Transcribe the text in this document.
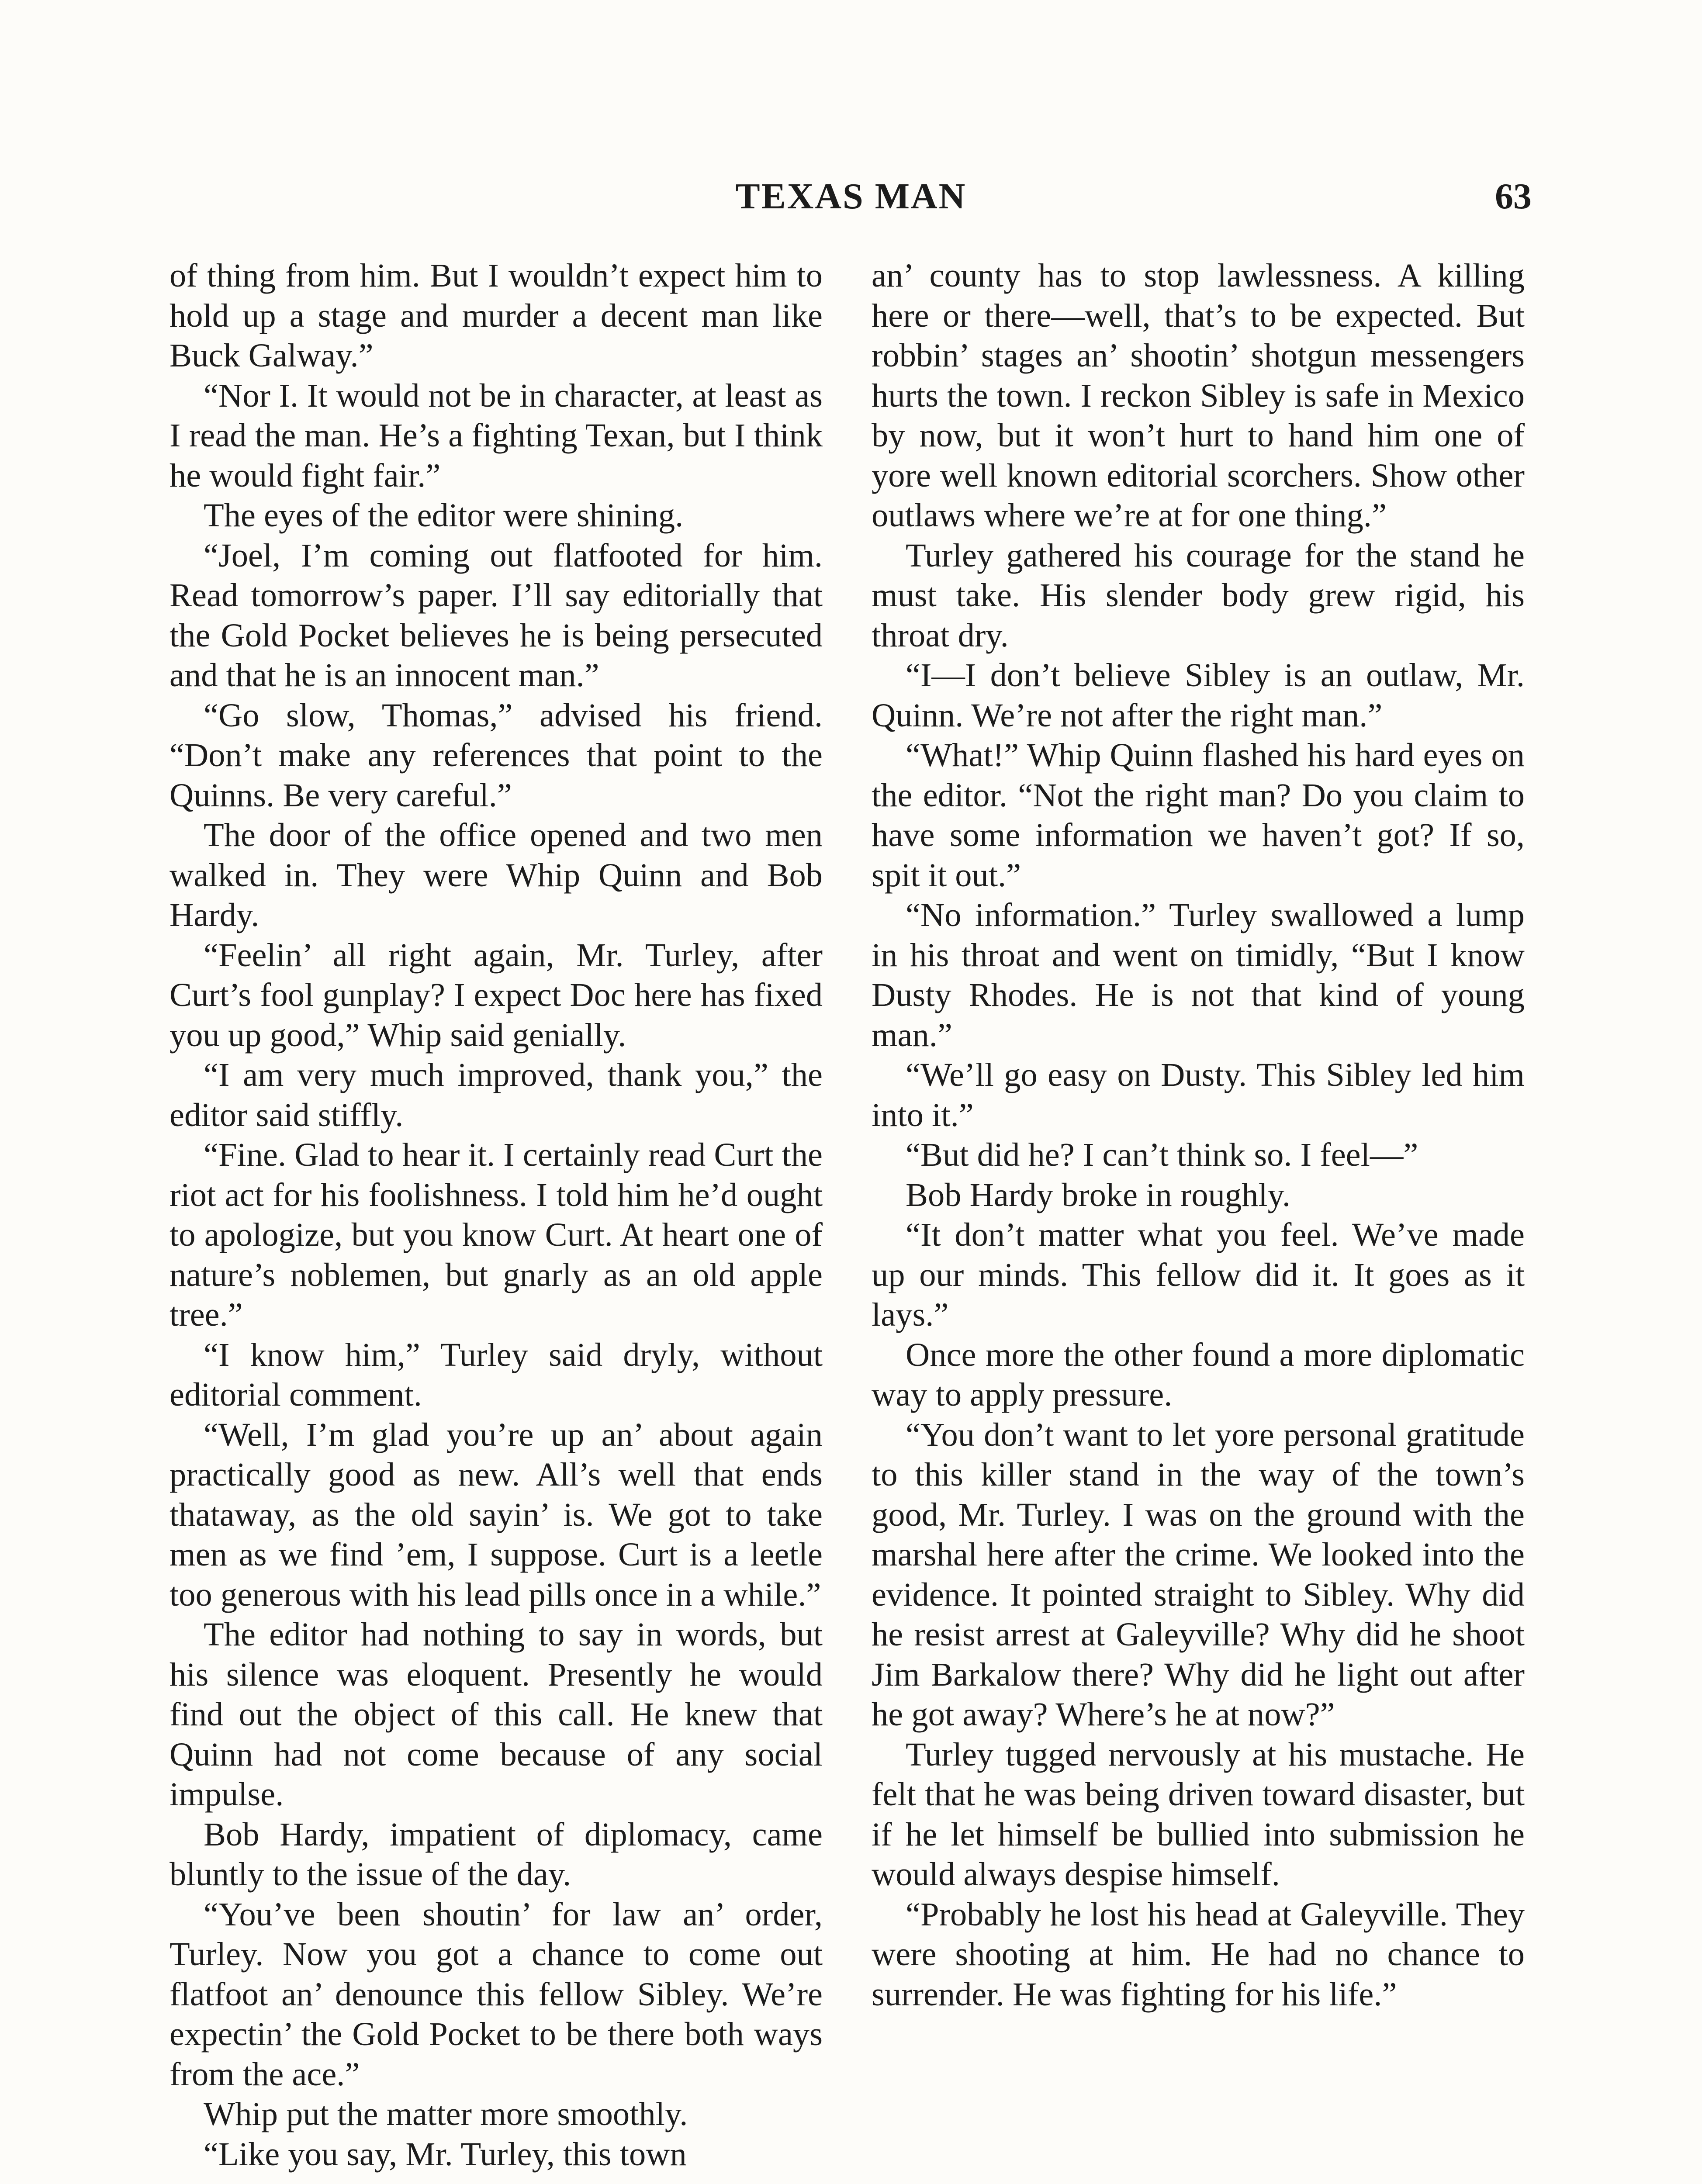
TEXAS MAN	63

of thing from him. But I wouldn’t expect him to hold up a stage and murder a decent man like Buck Galway.”

“Nor I. It would not be in character, at least as I read the man. He’s a fighting Texan, but I think he would fight fair.”

The eyes of the editor were shining.

“Joel, I’m coming out flatfooted for him. Read tomorrow’s paper. I’ll say editorially that the Gold Pocket believes he is being persecuted and that he is an innocent man.”

“Go slow, Thomas,” advised his friend. “Don’t make any references that point to the Quinns. Be very careful.”

The door of the office opened and two men walked in. They were Whip Quinn and Bob Hardy.

“Feelin’ all right again, Mr. Turley, after Curt’s fool gunplay? I expect Doc here has fixed you up good,” Whip said genially.

“I am very much improved, thank you,” the editor said stiffly.

“Fine. Glad to hear it. I certainly read Curt the riot act for his foolishness. I told him he’d ought to apologize, but you know Curt. At heart one of nature’s noblemen, but gnarly as an old apple tree.”

“I know him,” Turley said dryly, without editorial comment.

“Well, I’m glad you’re up an’ about again practically good as new. All’s well that ends thataway, as the old sayin’ is. We got to take men as we find ’em, I suppose. Curt is a leetle too generous with his lead pills once in a while.”

The editor had nothing to say in words, but his silence was eloquent. Presently he would find out the object of this call. He knew that Quinn had not come because of any social impulse.

Bob Hardy, impatient of diplomacy, came bluntly to the issue of the day.

“You’ve been shoutin’ for law an’ order, Turley. Now you got a chance to come out flatfoot an’ denounce this fellow Sibley. We’re expectin’ the Gold Pocket to be there both ways from the ace.”

Whip put the matter more smoothly.

“Like you say, Mr. Turley, this town

an’ county has to stop lawlessness. A killing here or there—well, that’s to be expected. But robbin’ stages an’ shootin’ shotgun messengers hurts the town. I reckon Sibley is safe in Mexico by now, but it won’t hurt to hand him one of yore well known editorial scorchers. Show other outlaws where we’re at for one thing.”

Turley gathered his courage for the stand he must take. His slender body grew rigid, his throat dry.

“I—I don’t believe Sibley is an outlaw, Mr. Quinn. We’re not after the right man.”

“What!” Whip Quinn flashed his hard eyes on the editor. “Not the right man? Do you claim to have some information we haven’t got? If so, spit it out.”

“No information.” Turley swallowed a lump in his throat and went on timidly, “But I know Dusty Rhodes. He is not that kind of young man.”

“We’ll go easy on Dusty. This Sibley led him into it.”

“But did he? I can’t think so. I feel—”

Bob Hardy broke in roughly.

“It don’t matter what you feel. We’ve made up our minds. This fellow did it. It goes as it lays.”

Once more the other found a more diplomatic way to apply pressure.

“You don’t want to let yore personal gratitude to this killer stand in the way of the town’s good, Mr. Turley. I was on the ground with the marshal here after the crime. We looked into the evidence. It pointed straight to Sibley. Why did he resist arrest at Galeyville? Why did he shoot Jim Barkalow there? Why did he light out after he got away? Where’s he at now?”

Turley tugged nervously at his mustache. He felt that he was being driven toward disaster, but if he let himself be bullied into submission he would always despise himself.

“Probably he lost his head at Galeyville. They were shooting at him. He had no chance to surrender. He was fighting for his life.”
